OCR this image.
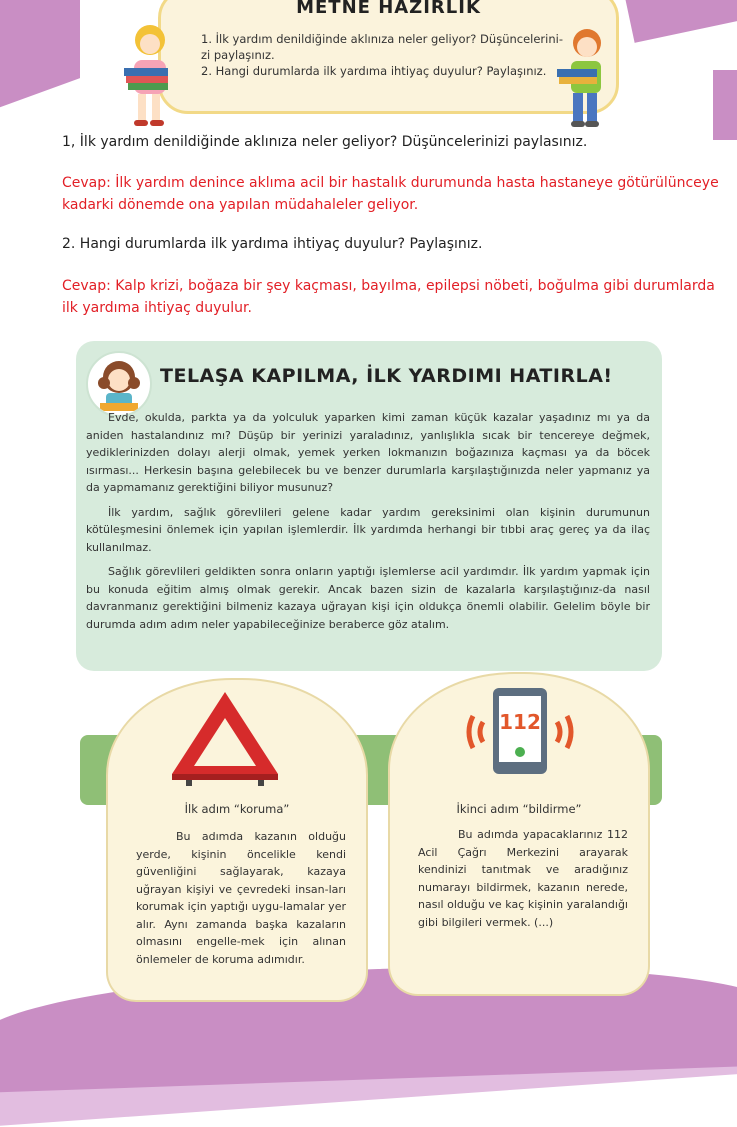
METNE HAZIRLIK
1. İlk yardım denildiğinde aklınıza neler geliyor? Düşüncelerini-zi paylaşınız.
2. Hangi durumlarda ilk yardıma ihtiyaç duyulur? Paylaşınız.
1, İlk yardım denildiğinde aklınıza neler geliyor? Düşüncelerinizi paylasınız.
Cevap: İlk yardım denince aklıma acil bir hastalık durumunda hasta hastaneye götürülünceye kadarki dönemde ona yapılan müdahaleler geliyor.
2. Hangi durumlarda ilk yardıma ihtiyaç duyulur? Paylaşınız.
Cevap: Kalp krizi, boğaza bir şey kaçması, bayılma, epilepsi nöbeti, boğulma gibi durumlarda ilk yardıma ihtiyaç duyulur.
TELAŞA KAPILMA, İLK YARDIMI HATIRLA!

Evde, okulda, parkta ya da yolculuk yaparken kimi zaman küçük kazalar yaşadınız mı ya da aniden hastalandınız mı? Düşüp bir yerinizi yaraladınız, yanlışlıkla sıcak bir tencereye değmek, yediklerinizden dolayı alerji olmak, yemek yerken lokmanızın boğazınıza kaçması ya da böcek ısırması... Herkesin başına gelebilecek bu ve benzer durumlarla karşılaştığınızda neler yapmanız ya da yapmamanız gerektiğini biliyor musunuz?

İlk yardım, sağlık görevlileri gelene kadar yardım gereksinimi olan kişinin durumunun kötüleşmesini önlemek için yapılan işlemlerdir. İlk yardımda herhangi bir tıbbi araç gereç ya da ilaç kullanılmaz.

Sağlık görevlileri geldikten sonra onların yaptığı işlemlerse acil yardımdır. İlk yardım yapmak için bu konuda eğitim almış olmak gerekir. Ancak bazen sizin de kazalarla karşılaştığınız-da nasıl davranmanız gerektiğini bilmeniz kazaya uğrayan kişi için oldukça önemli olabilir. Gelelim böyle bir durumda adım adım neler yapabileceğinize beraberce göz atalım.

İlk adım “koruma”
Bu adımda kazanın olduğu yerde, kişinin öncelikle kendi güvenliğini sağlayarak, kazaya uğrayan kişiyi ve çevredeki insan-ları korumak için yaptığı uygu-lamalar yer alır. Aynı zamanda başka kazaların olmasını engelle-mek için alınan önlemeler de koruma adımıdır.
112
İkinci adım “bildirme”
Bu adımda yapacaklarınız 112 Acil Çağrı Merkezini arayarak kendinizi tanıtmak ve aradığınız numarayı bildirmek, kazanın nerede, nasıl olduğu ve kaç kişinin yaralandığı gibi bilgileri vermek. (...)
